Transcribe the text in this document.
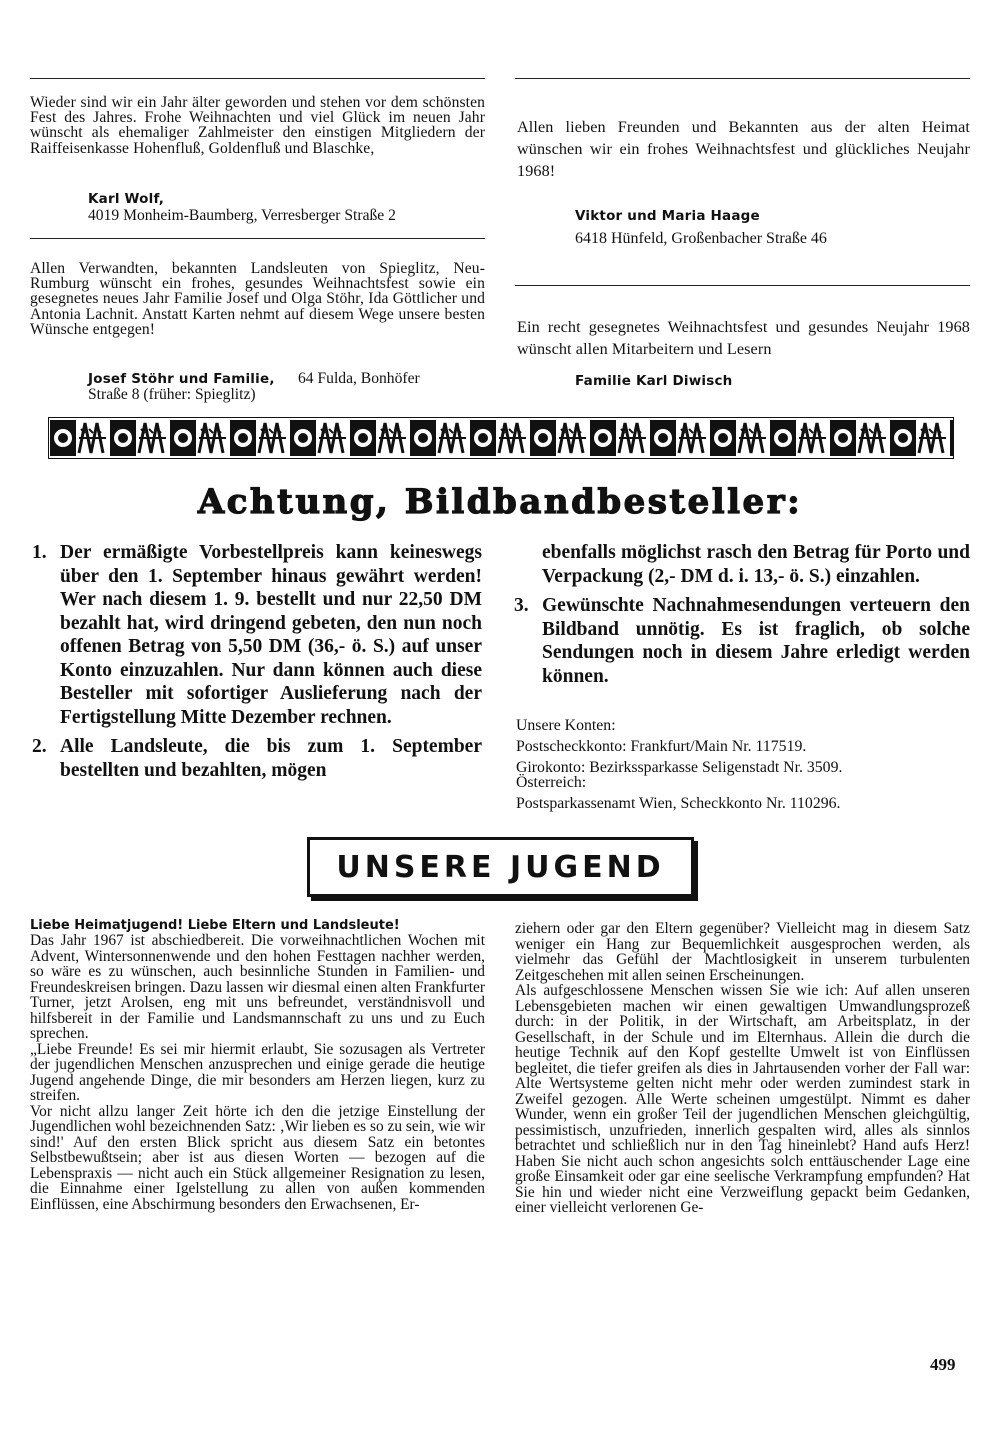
Wieder sind wir ein Jahr älter geworden und stehen vor dem schönsten Fest des Jahres. Frohe Weihnachten und viel Glück im neuen Jahr wünscht als ehemaliger Zahlmeister den einstigen Mitgliedern der Raiffeisenkasse Hohenfluß, Goldenfluß und Blaschke,
Karl Wolf,
4019 Monheim-Baumberg, Verresberger Straße 2
Allen Verwandten, bekannten Landsleuten von Spieglitz, Neu-Rumburg wünscht ein frohes, gesundes Weihnachtsfest sowie ein gesegnetes neues Jahr Familie Josef und Olga Stöhr, Ida Göttlicher und Antonia Lachnit. Anstatt Karten nehmt auf diesem Wege unsere besten Wünsche entgegen!
Josef Stöhr und Familie,	64 Fulda, Bonhöfer Straße 8 (früher: Spieglitz)
Allen lieben Freunden und Bekannten aus der alten Heimat wünschen wir ein frohes Weihnachtsfest und glückliches Neujahr 1968!
Viktor und Maria Haage
6418 Hünfeld, Großenbacher Straße 46
Ein recht gesegnetes Weihnachtsfest und gesundes Neujahr 1968 wünscht allen Mitarbeitern und Lesern
Familie Karl Diwisch
Achtung, Bildbandbesteller:
1. Der ermäßigte Vorbestellpreis kann keineswegs über den 1. September hinaus gewährt werden! Wer nach diesem 1. 9. bestellt und nur 22,50 DM bezahlt hat, wird dringend gebeten, den nun noch offenen Betrag von 5,50 DM (36,- ö. S.) auf unser Konto einzuzahlen. Nur dann können auch diese Besteller mit sofortiger Auslieferung nach der Fertigstellung Mitte Dezember rechnen.
2. Alle Landsleute, die bis zum 1. September bestellten und bezahlten, mögen
ebenfalls möglichst rasch den Betrag für Porto und Verpackung (2,- DM d. i. 13,- ö. S.) einzahlen.
3. Gewünschte Nachnahmesendungen verteuern den Bildband unnötig. Es ist fraglich, ob solche Sendungen noch in diesem Jahre erledigt werden können.
Unsere Konten:
Postscheckkonto: Frankfurt/Main Nr. 117519.
Girokonto: Bezirkssparkasse Seligenstadt Nr. 3509.
Österreich:
Postsparkassenamt Wien, Scheckkonto Nr. 110296.
UNSERE JUGEND
Liebe Heimatjugend! Liebe Eltern und Landsleute!
Das Jahr 1967 ist abschiedbereit. Die vorweihnachtlichen Wochen mit Advent, Wintersonnenwende und den hohen Festtagen nachher werden, so wäre es zu wünschen, auch besinnliche Stunden in Familien- und Freundeskreisen bringen. Dazu lassen wir diesmal einen alten Frankfurter Turner, jetzt Arolsen, eng mit uns befreundet, verständnisvoll und hilfsbereit in der Familie und Landsmannschaft zu uns und zu Euch sprechen.
„Liebe Freunde! Es sei mir hiermit erlaubt, Sie sozusagen als Vertreter der jugendlichen Menschen anzusprechen und einige gerade die heutige Jugend angehende Dinge, die mir besonders am Herzen liegen, kurz zu streifen.
Vor nicht allzu langer Zeit hörte ich den die jetzige Einstellung der Jugendlichen wohl bezeichnenden Satz: ‚Wir lieben es so zu sein, wie wir sind!' Auf den ersten Blick spricht aus diesem Satz ein betontes Selbstbewußtsein; aber ist aus diesen Worten — bezogen auf die Lebenspraxis — nicht auch ein Stück allgemeiner Resignation zu lesen, die Einnahme einer Igelstellung zu allen von außen kommenden Einflüssen, eine Abschirmung besonders den Erwachsenen, Er-
ziehern oder gar den Eltern gegenüber? Vielleicht mag in diesem Satz weniger ein Hang zur Bequemlichkeit ausgesprochen werden, als vielmehr das Gefühl der Machtlosigkeit in unserem turbulenten Zeitgeschehen mit allen seinen Erscheinungen.
Als aufgeschlossene Menschen wissen Sie wie ich: Auf allen unseren Lebensgebieten machen wir einen gewaltigen Umwandlungsprozeß durch: in der Politik, in der Wirtschaft, am Arbeitsplatz, in der Gesellschaft, in der Schule und im Elternhaus. Allein die durch die heutige Technik auf den Kopf gestellte Umwelt ist von Einflüssen begleitet, die tiefer greifen als dies in Jahrtausenden vorher der Fall war: Alte Wertsysteme gelten nicht mehr oder werden zumindest stark in Zweifel gezogen. Alle Werte scheinen umgestülpt. Nimmt es daher Wunder, wenn ein großer Teil der jugendlichen Menschen gleichgültig, pessimistisch, unzufrieden, innerlich gespalten wird, alles als sinnlos betrachtet und schließlich nur in den Tag hineinlebt? Hand aufs Herz! Haben Sie nicht auch schon angesichts solch enttäuschender Lage eine große Einsamkeit oder gar eine seelische Verkrampfung empfunden? Hat Sie hin und wieder nicht eine Verzweiflung gepackt beim Gedanken, einer vielleicht verlorenen Ge-
499
